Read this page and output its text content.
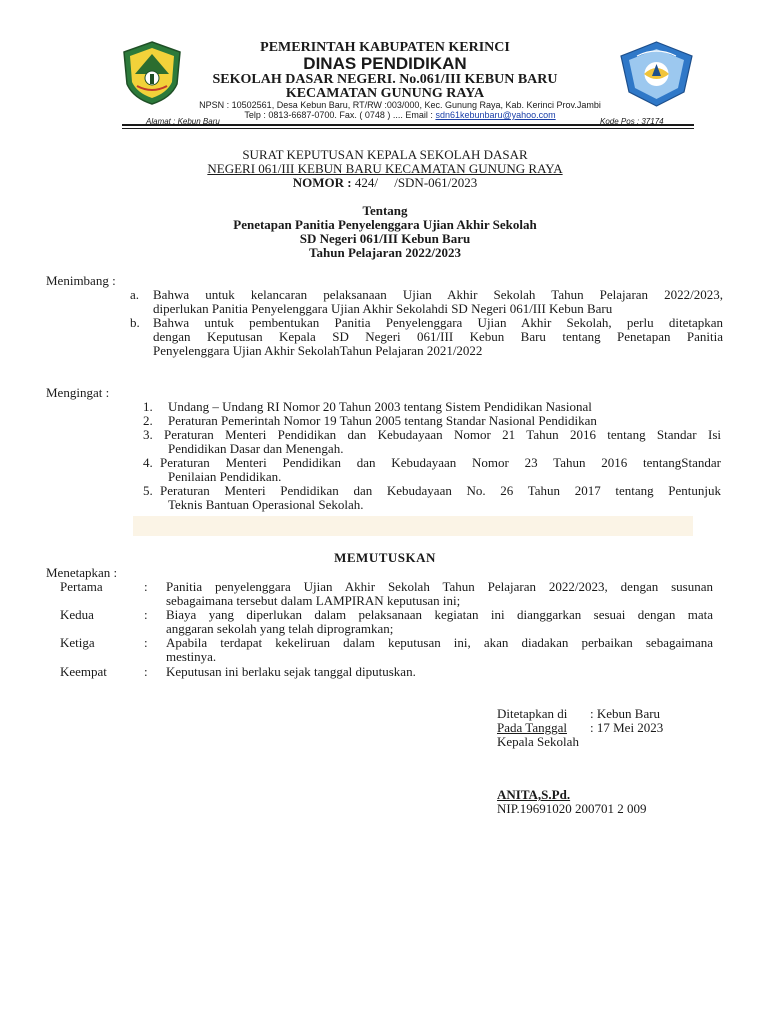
PEMERINTAH KABUPATEN KERINCI
DINAS PENDIDIKAN
SEKOLAH DASAR NEGERI. No.061/III KEBUN BARU
KECAMATAN GUNUNG RAYA
NPSN : 10502561, Desa Kebun Baru, RT/RW :003/000, Kec. Gunung Raya, Kab. Kerinci Prov.Jambi
Telp : 0813-6687-0700. Fax. ( 0748 ) .... Email : sdn61kebunbaru@yahoo.com
Alamat : Kebun Baru	Kode Pos : 37174
SURAT KEPUTUSAN KEPALA SEKOLAH DASAR
NEGERI 061/III KEBUN BARU KECAMATAN GUNUNG RAYA
NOMOR : 424/     /SDN-061/2023
Tentang
Penetapan Panitia Penyelenggara Ujian Akhir Sekolah
SD Negeri 061/III Kebun Baru
Tahun Pelajaran 2022/2023
Menimbang :
a. Bahwa untuk kelancaran pelaksanaan Ujian Akhir Sekolah Tahun Pelajaran 2022/2023,
diperlukan Panitia Penyelenggara Ujian Akhir Sekolahdi SD Negeri 061/III Kebun Baru
b. Bahwa untuk pembentukan Panitia Penyelenggara Ujian Akhir Sekolah, perlu ditetapkan
dengan Keputusan Kepala SD Negeri 061/III Kebun Baru tentang Penetapan Panitia
Penyelenggara Ujian Akhir SekolahTahun Pelajaran 2021/2022
Mengingat :
1. Undang – Undang RI Nomor 20 Tahun 2003 tentang Sistem Pendidikan Nasional
2. Peraturan Pemerintah Nomor 19 Tahun 2005 tentang Standar Nasional Pendidikan
3. Peraturan Menteri Pendidikan dan Kebudayaan Nomor 21 Tahun 2016 tentang Standar Isi
Pendidikan Dasar dan Menengah.
4. Peraturan Menteri Pendidikan dan Kebudayaan Nomor 23 Tahun 2016 tentangStandar
Penilaian Pendidikan.
5. Peraturan Menteri Pendidikan dan Kebudayaan No. 26 Tahun 2017 tentang Pentunjuk
Teknis Bantuan Operasional Sekolah.
MEMUTUSKAN
Menetapkan :
Pertama	: Panitia penyelenggara Ujian Akhir Sekolah Tahun Pelajaran 2022/2023, dengan susunan
sebagaimana tersebut dalam LAMPIRAN keputusan ini;
Kedua	: Biaya yang diperlukan dalam pelaksanaan kegiatan ini dianggarkan sesuai dengan mata
anggaran sekolah yang telah diprogramkan;
Ketiga	: Apabila terdapat kekeliruan dalam keputusan ini, akan diadakan perbaikan sebagaimana
mestinya.
Keempat	: Keputusan ini berlaku sejak tanggal diputuskan.
Ditetapkan di : Kebun Baru
Pada Tanggal : 17 Mei 2023
Kepala Sekolah
ANITA,S.Pd.
NIP.19691020 200701 2 009
